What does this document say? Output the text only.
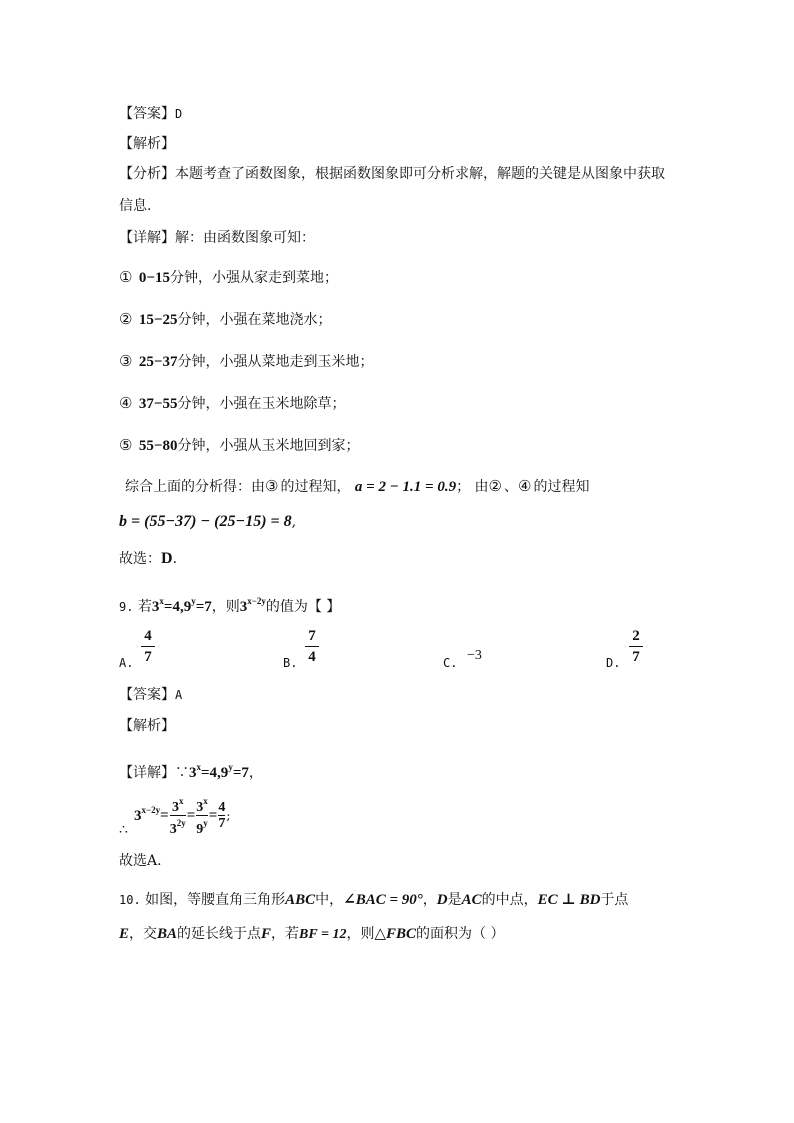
【答案】D
【解析】
【分析】本题考查了函数图象，根据函数图象即可分析求解，解题的关键是从图象中获取
信息.
【详解】解：由函数图象可知：
① 0−15分钟，小强从家走到菜地；
② 15−25分钟，小强在菜地浇水；
③ 25−37分钟，小强从菜地走到玉米地；
④ 37−55分钟，小强在玉米地除草；
⑤ 55−80分钟，小强从玉米地回到家；
综合上面的分析得：由③ 的过程知， a = 2 − 1.1 = 0.9； 由② 、④ 的过程知
b = (55−37) − (25−15) = 8,
故选：D.
9. 若$3^x=4,9^y=7$，则$3^{x-2y}$的值为【 】
A.
4
7	B.
7
4	C. −3	D.
2
7
【答案】A
【解析】
【详解】$\because 3^x=4,9^y=7$，
∴
$3^{x-2y}= \frac{3^x}{3^{2y}} = \frac{3^x}{9^y} = \frac{4}{7}$ ;
故选A.
10. 如图，等腰直角三角形ABC中，∠BAC = 90°，D是AC的中点，EC ⊥ BD于点
E，交BA的延长线于点F，若BF = 12，则△FBC的面积为（ ）
